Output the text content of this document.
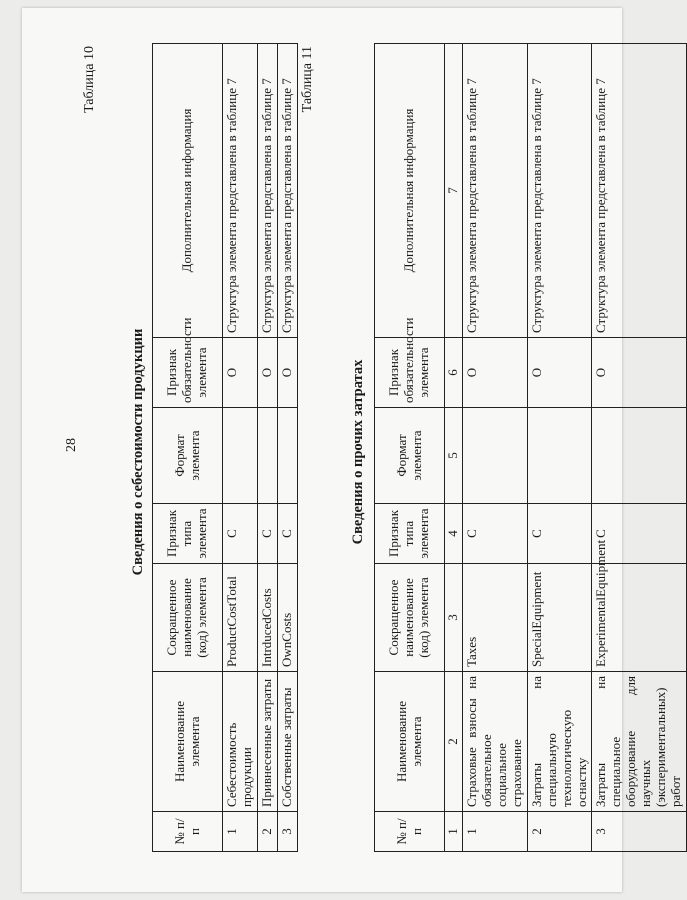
28
Таблица 10
Сведения о себестоимости продукции
№ п/п	Наименование элемента	Сокращенное наименование (код) элемента	Признак типа элемента	Формат элемента	Признак обязательности элемента	Дополнительная информация
1	Себестоимость продукции	ProductCostTotal	С		О	Структура элемента представлена в таблице 7
2	Привнесенные затраты	IntrducedCosts	С		О	Структура элемента представлена в таблице 7
3	Собственные затраты	OwnCosts	С		О	Структура элемента представлена в таблице 7 Таблица 11
Сведения о прочих затратах
№ п/п	Наименование элемента	Сокращенное наименование (код) элемента	Признак типа элемента	Формат элемента	Признак обязательности элемента	Дополнительная информация
1	2	3	4	5	6	7
1	Страховые взносы на обязательное социальное страхование	Taxes	С		О	Структура элемента представлена в таблице 7
2	Затраты на специальную технологическую оснастку	SpecialEquipment	С		О	Структура элемента представлена в таблице 7
3	Затраты на специальное оборудование для научных (экспериментальных) работ	ExperimentalEquipment	С		О	Структура элемента представлена в таблице 7
